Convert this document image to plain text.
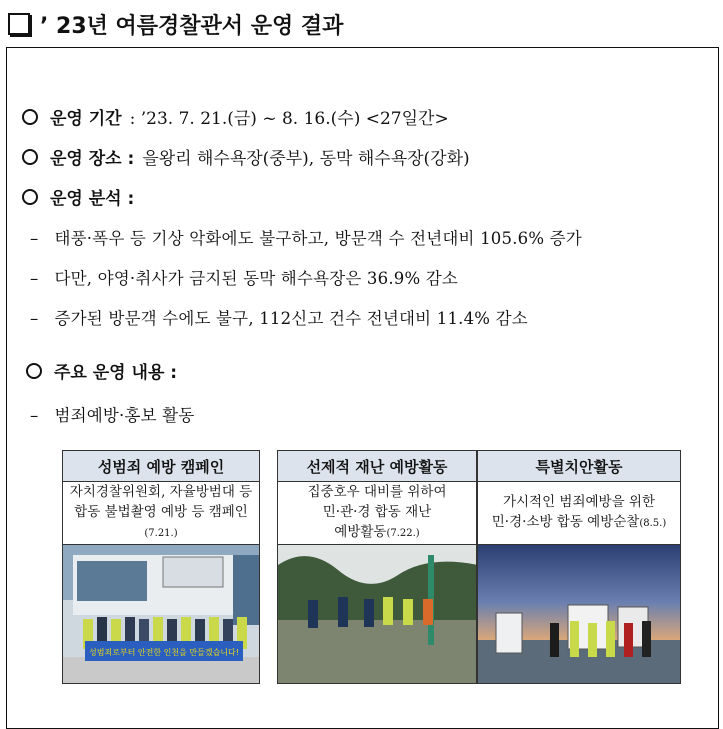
’ 23년 여름경찰관서 운영 결과
운영 기간 : ’23. 7. 21.(금) ~ 8. 16.(수) <27일간>
운영 장소 : 을왕리 해수욕장(중부), 동막 해수욕장(강화)
운영 분석 :
– 태풍·폭우 등 기상 악화에도 불구하고, 방문객 수 전년대비 105.6% 증가
– 다만, 야영·취사가 금지된 동막 해수욕장은 36.9% 감소
– 증가된 방문객 수에도 불구, 112신고 건수 전년대비 11.4% 감소
주요 운영 내용 :
– 범죄예방·홍보 활동
성범죄 예방 캠페인
자치경찰위원회, 자율방범대 등
합동 불법촬영 예방 등 캠페인(7.21.)
성범죄로부터 안전한 인천을 만들겠습니다!
선제적 재난 예방활동
집중호우 대비를 위하여
민·관·경 합동 재난
예방활동(7.22.)
특별치안활동
가시적인 범죄예방을 위한
민·경·소방 합동 예방순찰(8.5.)
